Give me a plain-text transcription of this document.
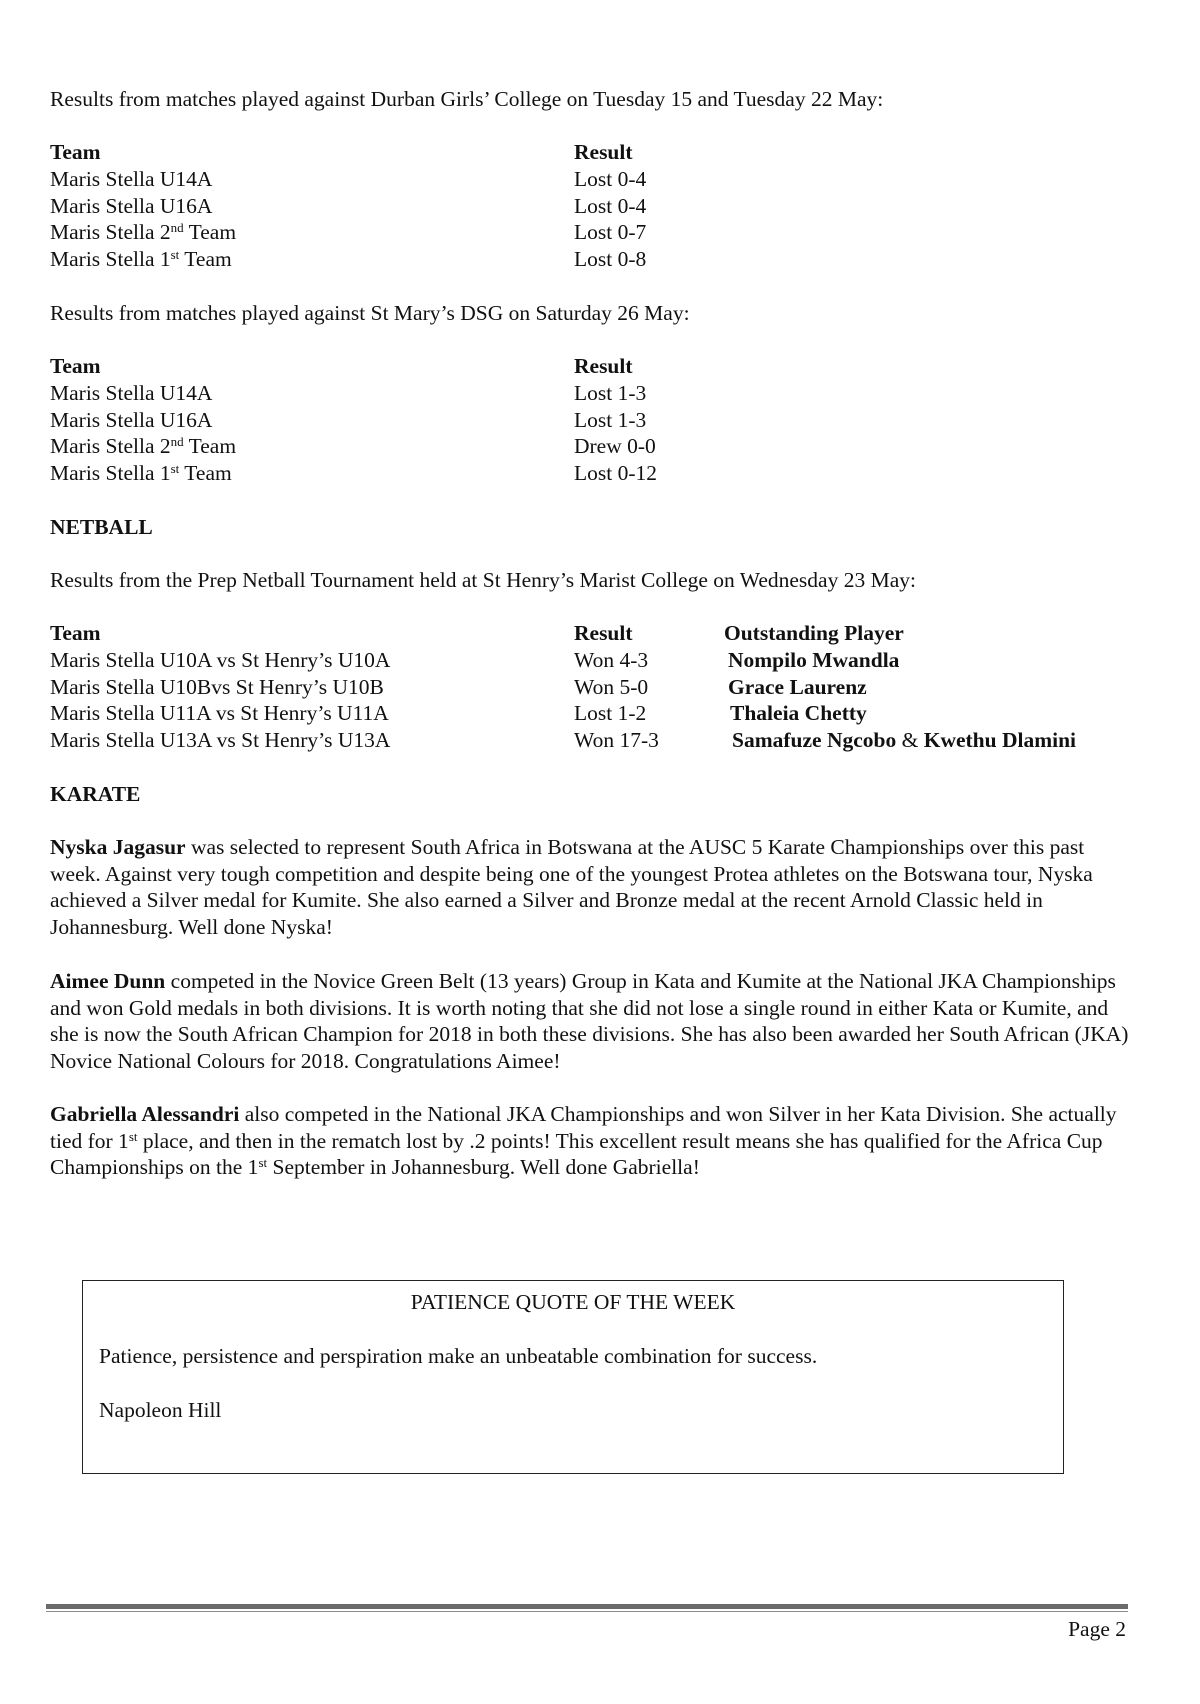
Results from matches played against Durban Girls’ College on Tuesday 15 and Tuesday 22 May:
Team	Result
Maris Stella U14A	Lost 0-4
Maris Stella U16A	Lost 0-4
Maris Stella 2nd Team	Lost 0-7
Maris Stella 1st Team	Lost 0-8
Results from matches played against St Mary’s DSG on Saturday 26 May:
Team	Result
Maris Stella U14A	Lost 1-3
Maris Stella U16A	Lost 1-3
Maris Stella 2nd Team	Drew 0-0
Maris Stella 1st Team	Lost 0-12
NETBALL
Results from the Prep Netball Tournament held at St Henry’s Marist College on Wednesday 23 May:
Team	Result	Outstanding Player
Maris Stella U10A vs St Henry’s U10A	Won 4-3	Nompilo Mwandla
Maris Stella U10Bvs St Henry’s U10B	Won 5-0	Grace Laurenz
Maris Stella U11A vs St Henry’s U11A	Lost 1-2	Thaleia Chetty
Maris Stella U13A vs St Henry’s U13A	Won 17-3	Samafuze Ngcobo & Kwethu Dlamini
KARATE
Nyska Jagasur was selected to represent South Africa in Botswana at the AUSC 5 Karate Championships over this past week. Against very tough competition and despite being one of the youngest Protea athletes on the Botswana tour, Nyska achieved a Silver medal for Kumite. She also earned a Silver and Bronze medal at the recent Arnold Classic held in Johannesburg. Well done Nyska!
Aimee Dunn competed in the Novice Green Belt (13 years) Group in Kata and Kumite at the National JKA Championships and won Gold medals in both divisions. It is worth noting that she did not lose a single round in either Kata or Kumite, and she is now the South African Champion for 2018 in both these divisions. She has also been awarded her South African (JKA) Novice National Colours for 2018. Congratulations Aimee!
Gabriella Alessandri also competed in the National JKA Championships and won Silver in her Kata Division. She actually tied for 1st place, and then in the rematch lost by .2 points! This excellent result means she has qualified for the Africa Cup Championships on the 1st September in Johannesburg. Well done Gabriella!
PATIENCE QUOTE OF THE WEEK
Patience, persistence and perspiration make an unbeatable combination for success.
Napoleon Hill
Page 2
